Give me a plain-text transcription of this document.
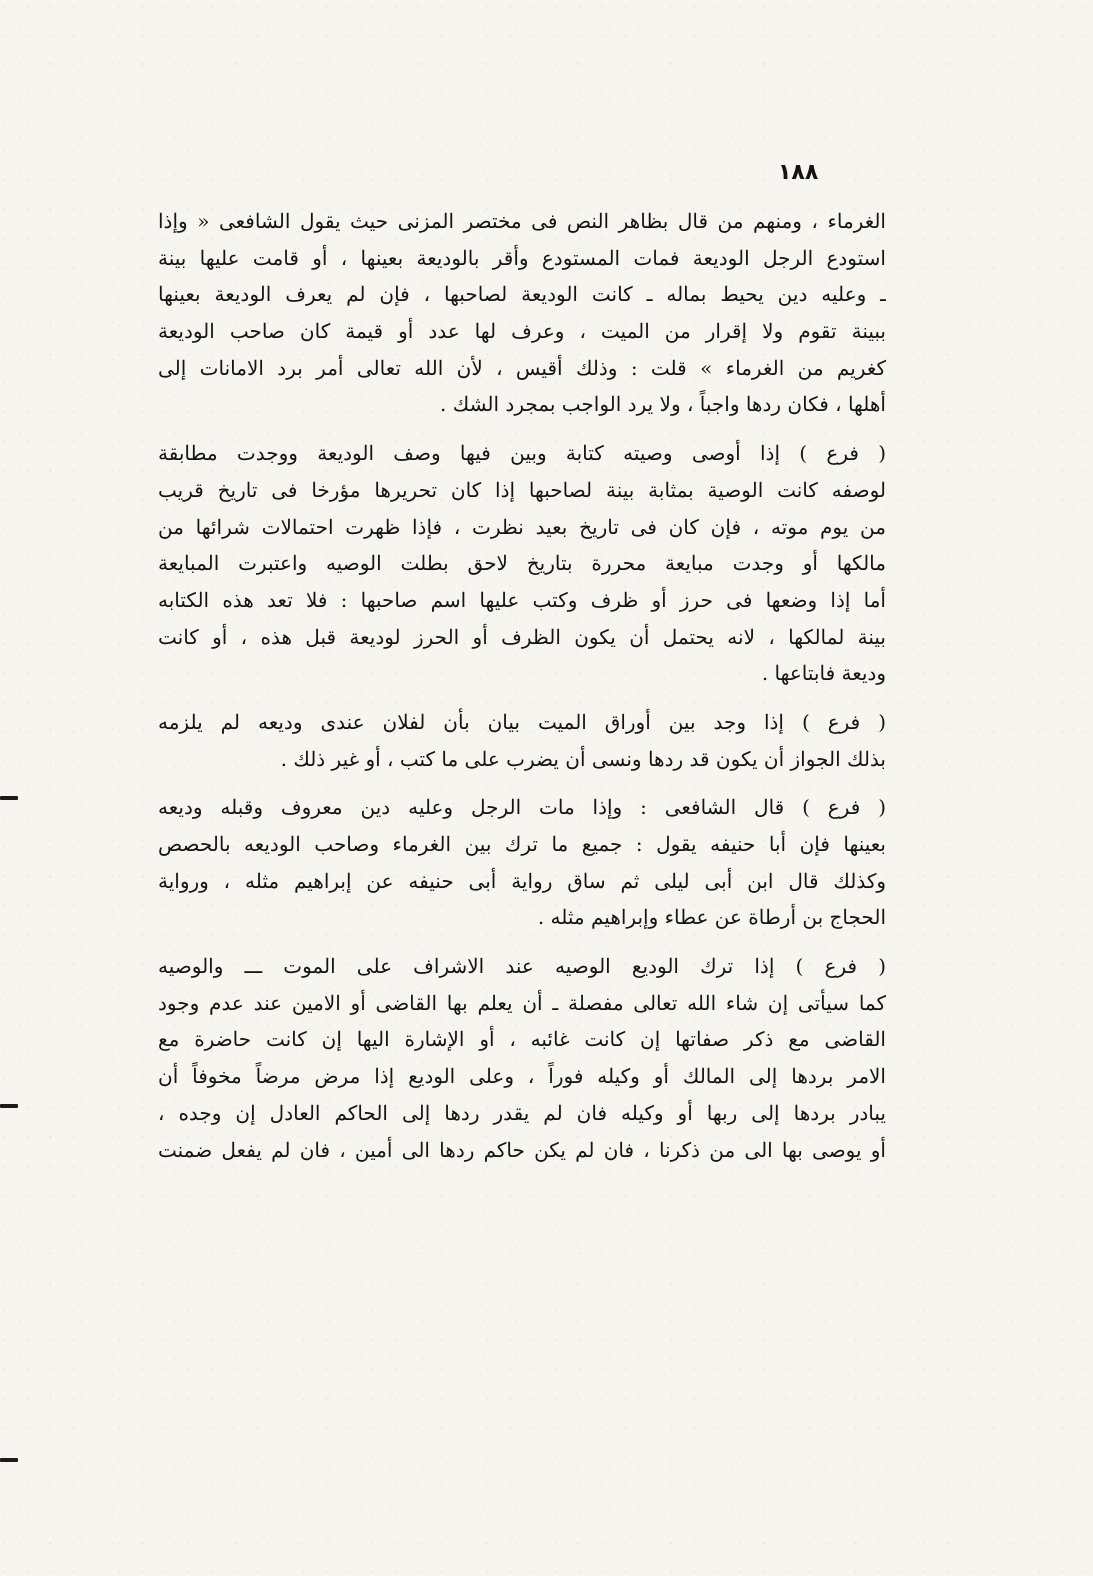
١٨٨
الغرماء ، ومنهم من قال بظاهر النص فى مختصر المزنى حيث يقول الشافعى « وإذا
استودع الرجل الوديعة فمات المستودع وأقر بالوديعة بعينها ، أو قامت عليها بينة
ـ وعليه دين يحيط بماله ـ كانت الوديعة لصاحبها ، فإن لم يعرف الوديعة بعينها
ببينة تقوم ولا إقرار من الميت ، وعرف لها عدد أو قيمة كان صاحب الوديعة
كغريم من الغرماء » قلت : وذلك أقيس ، لأن الله تعالى أمر برد الامانات إلى
أهلها ، فكان ردها واجباً ، ولا يرد الواجب بمجرد الشك .
( فرع ) إذا أوصى وصيته كتابة وبين فيها وصف الوديعة ووجدت مطابقة
لوصفه كانت الوصية بمثابة بينة لصاحبها إذا كان تحريرها مؤرخا فى تاريخ قريب
من يوم موته ، فإن كان فى تاريخ بعيد نظرت ، فإذا ظهرت احتمالات شرائها من
مالكها أو وجدت مبايعة محررة بتاريخ لاحق بطلت الوصيه واعتبرت المبايعة
أما إذا وضعها فى حرز أو ظرف وكتب عليها اسم صاحبها : فلا تعد هذه الكتابه
بينة لمالكها ، لانه يحتمل أن يكون الظرف أو الحرز لوديعة قبل هذه ، أو كانت
وديعة فابتاعها .
( فرع ) إذا وجد بين أوراق الميت بيان بأن لفلان عندى وديعه لم يلزمه
بذلك الجواز أن يكون قد ردها ونسى أن يضرب على ما كتب ، أو غير ذلك .
( فرع ) قال الشافعى : وإذا مات الرجل وعليه دين معروف وقبله وديعه
بعينها فإن أبا حنيفه يقول : جميع ما ترك بين الغرماء وصاحب الوديعه بالحصص
وكذلك قال ابن أبى ليلى ثم ساق رواية أبى حنيفه عن إبراهيم مثله ، ورواية
الحجاج بن أرطاة عن عطاء وإبراهيم مثله .
( فرع ) إذا ترك الوديع الوصيه عند الاشراف على الموت ـــ والوصيه
كما سيأتى إن شاء الله تعالى مفصلة ـ أن يعلم بها القاضى أو الامين عند عدم وجود
القاضى مع ذكر صفاتها إن كانت غائبه ، أو الإشارة اليها إن كانت حاضرة مع
الامر بردها إلى المالك أو وكيله فوراً ، وعلى الوديع إذا مرض مرضاً مخوفاً أن
يبادر بردها إلى ربها أو وكيله فان لم يقدر ردها إلى الحاكم العادل إن وجده ،
أو يوصى بها الى من ذكرنا ، فان لم يكن حاكم ردها الى أمين ، فان لم يفعل ضمنت
